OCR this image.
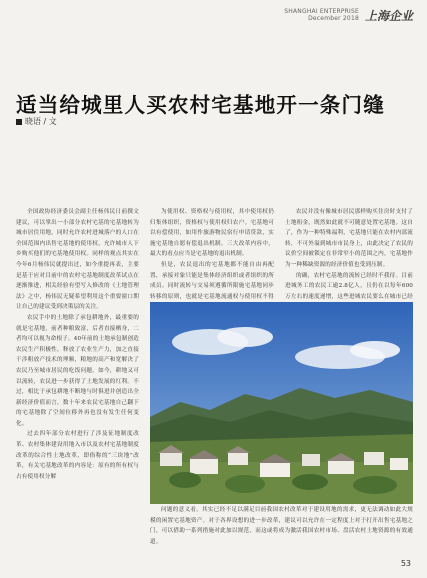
SHANGHAI ENTERPRISE
December 2018 上海企业
适当给城里人买农村宅基地开一条门缝
晓语 / 文

全国政协经济委员会副主任杨伟民日前撰文建议，可以掌出一小部分农村宅基的宅基地转为城市居住用地，同时允许农村进城落户的人口在全国范围内出售宅基地的使用权，允许城市人下乡购买他们的宅基地使用权。同样的观点其实在今年6月杨伟民就提出过，如今重提再表，主要是基于应对目前中的农村宅基地制度改革试点在逐渐推进，相关经验有望写入修改的《土地管理法》之中，杨伟民无疑希望利用这个重要窗口期让自己的建议受到决策层的关注。

农民手中的土地除了承包耕地外，最重要的就是宅基地，前者种粮致富，后者直接栖身，二者均可以视为命根子。40年前的土地承包制创造农民生产积极性，释放了农业生产力，加之直接干涉粗放产技术的理顺，粮地的高产和宽解决了农民乃至城市居民的吃饭问题。如今，耕地又可以流转，农民进一步获得了土地发展的红利。不过，相比于承包耕地不断地与时俱进并创造出全新经济价值而言，数十年来农民宅基地自己翻下的宅基地除了空间位移外再也没有发生任何变化。

过去四年部分农村进行了涉及征地制度改革、农村集体建设用地入市以及农村宅基地制度改革的综合性土地改革，即俗称的“三块地”改革，有关宅基地改革的内容是：原有的所有权与占有使用权分解

为使用权、资格权与使用权，其中使用权仍归集体组织，资格权与使用权归农户。宅基地可以有偿使用，如用作旅游物民宿行申请贷款，实施宅基地自愿有偿退出机制。三大改革内容中，最大的看点应当是宅基地的退出机制。

但是，农民退出的宅基地都不能自由再配置，承接对象只能是集体经济组织或者组织的所成员。同时流转与交易须遵循所限施宅基地同步转移的原则，也就是宅基地流通权与使用权不得

农民并没有像城市居民那样购买住房时支付了土地租金，既然如此就不可随意处置宅基地。这自了，作为一种特殊福利，宅基地只能在农村内部流转，不可外溢到城市市民身上，由此决定了农民的议价空间被锁定在非常窄小的范围之内，宅基地作为一种稀缺资源的经济价值也受到压制。

的确，农村宅基地的流转已经时不我待。目前进城务工的农民工逾2.8亿人，且仍在以每年600万左右的速度递增，这些进城农民要么在城市已经

问题的意义看，其实已经不足以满足目前我国农村改革对于建设用地的需求，更无法调动如此大规模的闲置宅基地资产。对于各界设想的进一步改革，建议可以允许在一定程度上对于打开出售宅基地之门，可以借助一系列措施对此加以规范，而这或将成为激活我国农村市场、盘活农村土地资源的有效通道。

53
